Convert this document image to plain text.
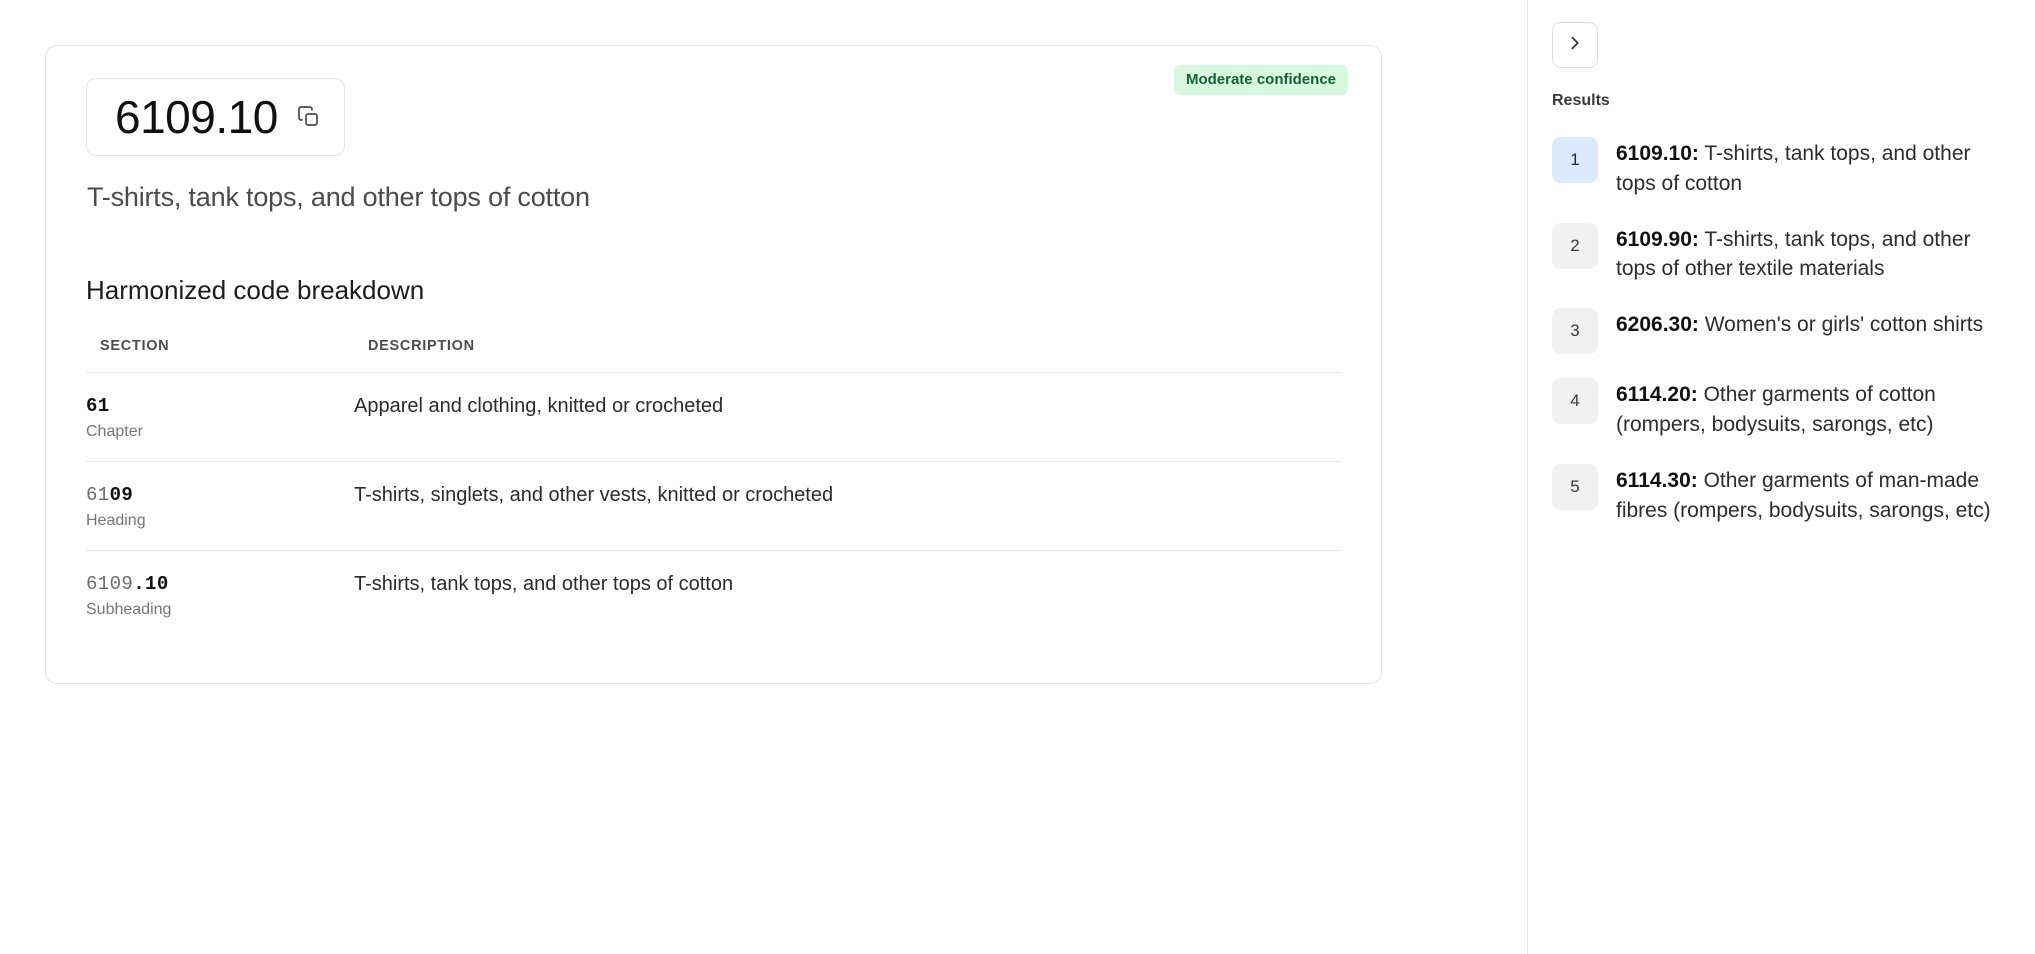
6109.10
Moderate confidence
T-shirts, tank tops, and other tops of cotton
Harmonized code breakdown
SECTION	DESCRIPTION

61
Chapter	Apparel and clothing, knitted or crocheted

6109
Heading	T-shirts, singlets, and other vests, knitted or crocheted

6109.10
Subheading	T-shirts, tank tops, and other tops of cotton
Results
1	6109.10: T-shirts, tank tops, and other tops of cotton
2	6109.90: T-shirts, tank tops, and other tops of other textile materials
3	6206.30: Women's or girls' cotton shirts
4	6114.20: Other garments of cotton (rompers, bodysuits, sarongs, etc)
5	6114.30: Other garments of man-made fibres (rompers, bodysuits, sarongs, etc)
